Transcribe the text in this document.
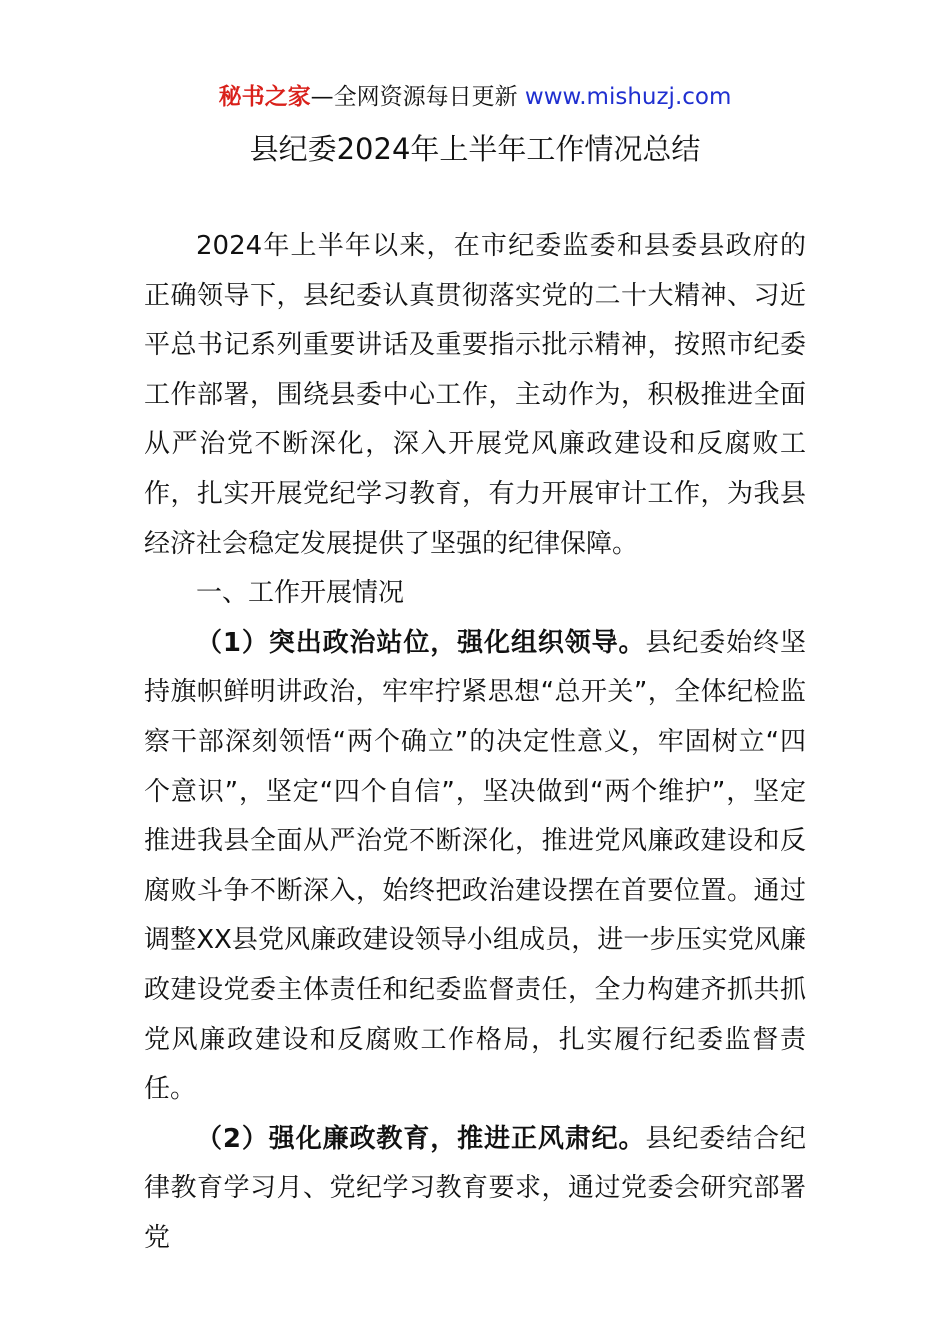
秘书之家—全网资源每日更新 www.mishuzj.com
县纪委2024年上半年工作情况总结

2024年上半年以来，在市纪委监委和县委县政府的正确领导下，县纪委认真贯彻落实党的二十大精神、习近平总书记系列重要讲话及重要指示批示精神，按照市纪委工作部署，围绕县委中心工作，主动作为，积极推进全面从严治党不断深化，深入开展党风廉政建设和反腐败工作，扎实开展党纪学习教育，有力开展审计工作，为我县经济社会稳定发展提供了坚强的纪律保障。

一、工作开展情况

（1）突出政治站位，强化组织领导。县纪委始终坚持旗帜鲜明讲政治，牢牢拧紧思想“总开关”，全体纪检监察干部深刻领悟“两个确立”的决定性意义，牢固树立“四个意识”，坚定“四个自信”，坚决做到“两个维护”，坚定推进我县全面从严治党不断深化，推进党风廉政建设和反腐败斗争不断深入，始终把政治建设摆在首要位置。通过调整XX县党风廉政建设领导小组成员，进一步压实党风廉政建设党委主体责任和纪委监督责任，全力构建齐抓共抓党风廉政建设和反腐败工作格局，扎实履行纪委监督责任。

（2）强化廉政教育，推进正风肃纪。县纪委结合纪律教育学习月、党纪学习教育要求，通过党委会研究部署党
